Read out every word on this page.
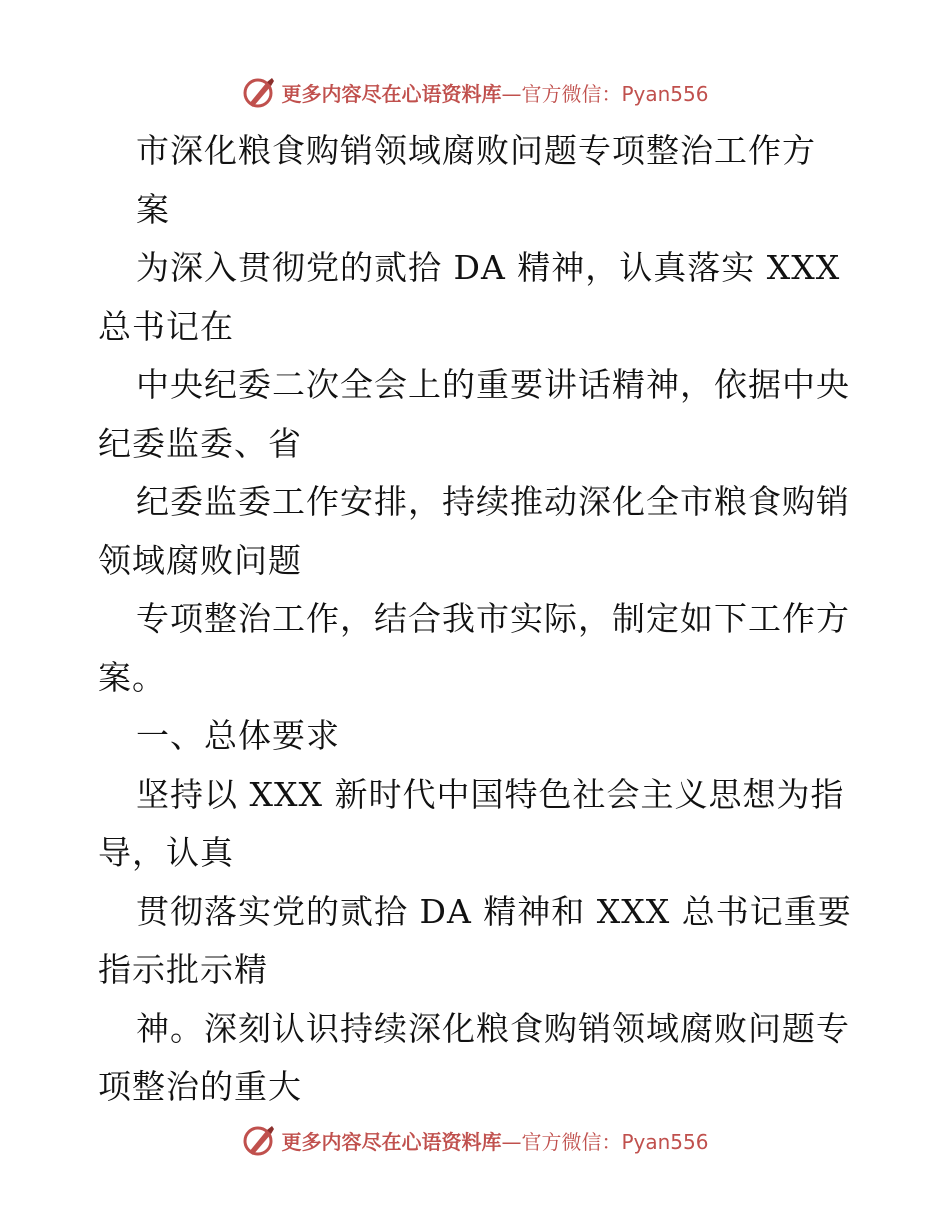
更多内容尽在心语资料库—官方微信：Pyan556
市深化粮食购销领域腐败问题专项整治工作方
案
为深入贯彻党的贰拾 DA 精神，认真落实 XXX
总书记在
中央纪委二次全会上的重要讲话精神，依据中央
纪委监委、省
纪委监委工作安排，持续推动深化全市粮食购销
领域腐败问题
专项整治工作，结合我市实际，制定如下工作方
案。
一、总体要求
坚持以 XXX 新时代中国特色社会主义思想为指
导，认真
贯彻落实党的贰拾 DA 精神和 XXX 总书记重要
指示批示精
神。深刻认识持续深化粮食购销领域腐败问题专
项整治的重大
更多内容尽在心语资料库—官方微信：Pyan556
